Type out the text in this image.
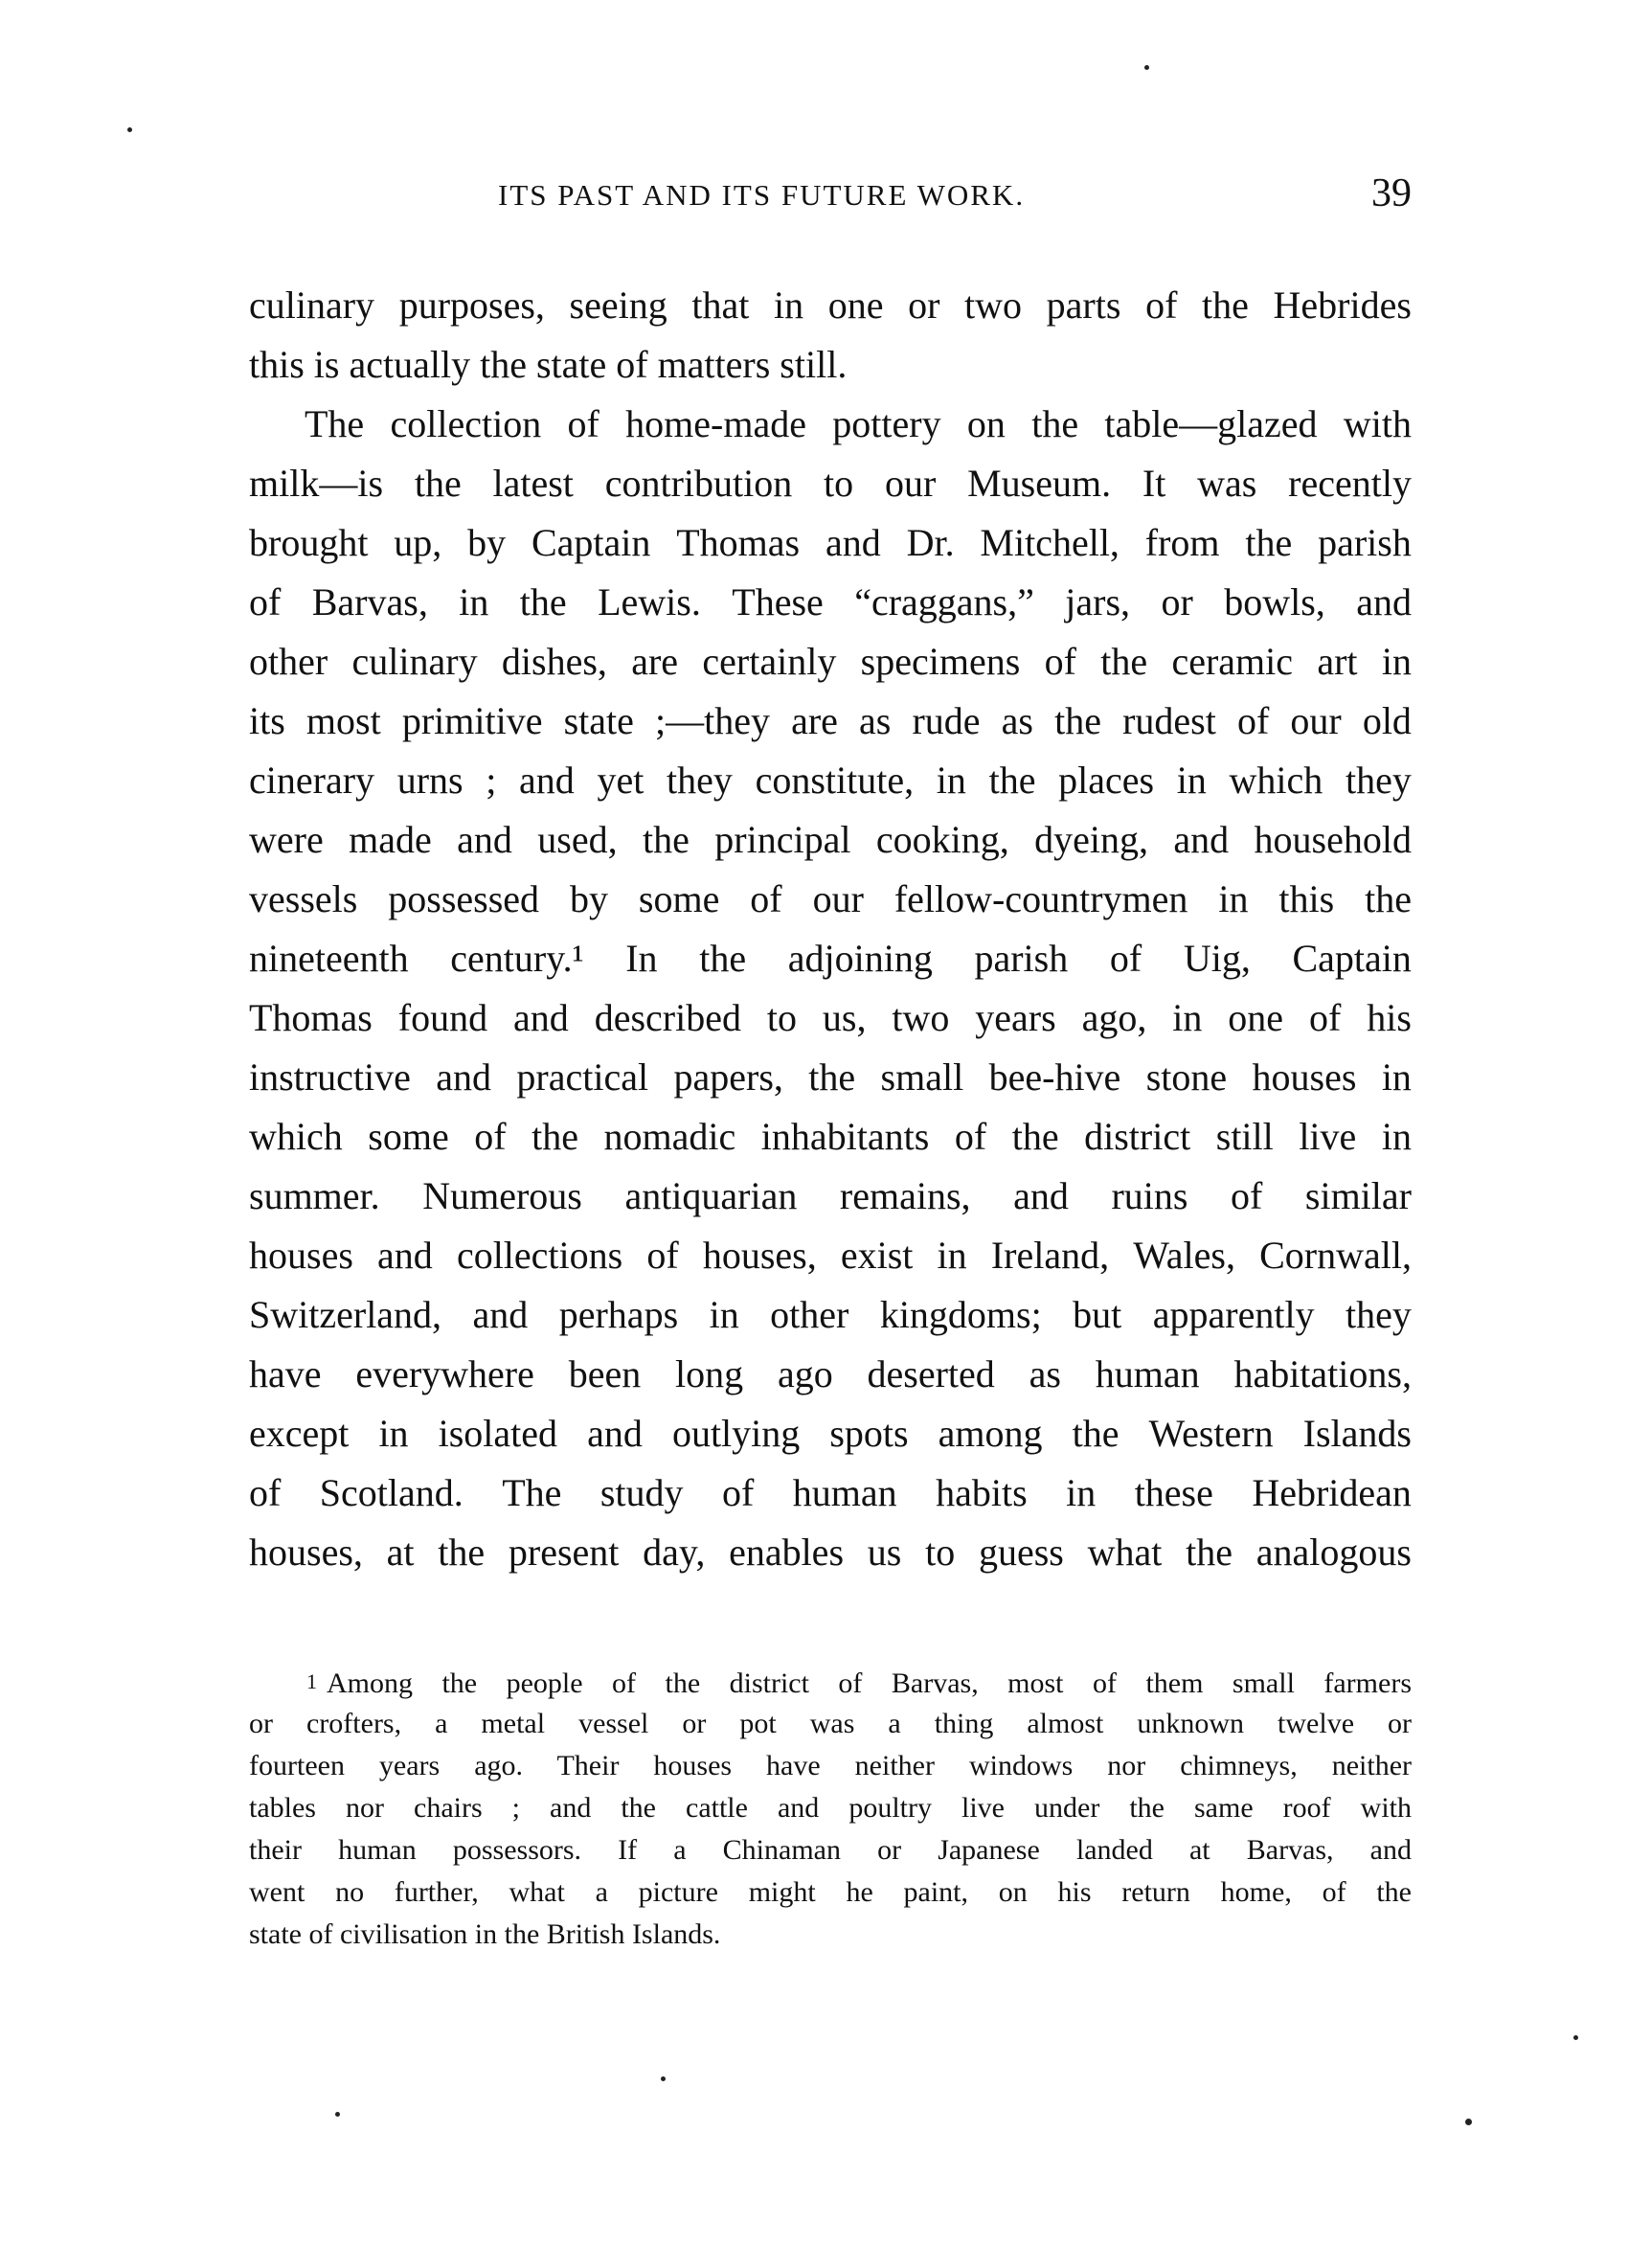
ITS PAST AND ITS FUTURE WORK.	39
culinary purposes, seeing that in one or two parts of the Hebrides
this is actually the state of matters still.
The collection of home-made pottery on the table—glazed with
milk—is the latest contribution to our Museum. It was recently
brought up, by Captain Thomas and Dr. Mitchell, from the parish
of Barvas, in the Lewis. These “craggans,” jars, or bowls, and
other culinary dishes, are certainly specimens of the ceramic art in
its most primitive state ;—they are as rude as the rudest of our old
cinerary urns ; and yet they constitute, in the places in which they
were made and used, the principal cooking, dyeing, and household
vessels possessed by some of our fellow-countrymen in this the
nineteenth century.¹ In the adjoining parish of Uig, Captain
Thomas found and described to us, two years ago, in one of his
instructive and practical papers, the small bee-hive stone houses in
which some of the nomadic inhabitants of the district still live in
summer. Numerous antiquarian remains, and ruins of similar
houses and collections of houses, exist in Ireland, Wales, Cornwall,
Switzerland, and perhaps in other kingdoms; but apparently they
have everywhere been long ago deserted as human habitations,
except in isolated and outlying spots among the Western Islands
of Scotland. The study of human habits in these Hebridean
houses, at the present day, enables us to guess what the analogous
1 Among the people of the district of Barvas, most of them small farmers
or crofters, a metal vessel or pot was a thing almost unknown twelve or
fourteen years ago. Their houses have neither windows nor chimneys, neither
tables nor chairs ; and the cattle and poultry live under the same roof with
their human possessors. If a Chinaman or Japanese landed at Barvas, and
went no further, what a picture might he paint, on his return home, of the
state of civilisation in the British Islands.
